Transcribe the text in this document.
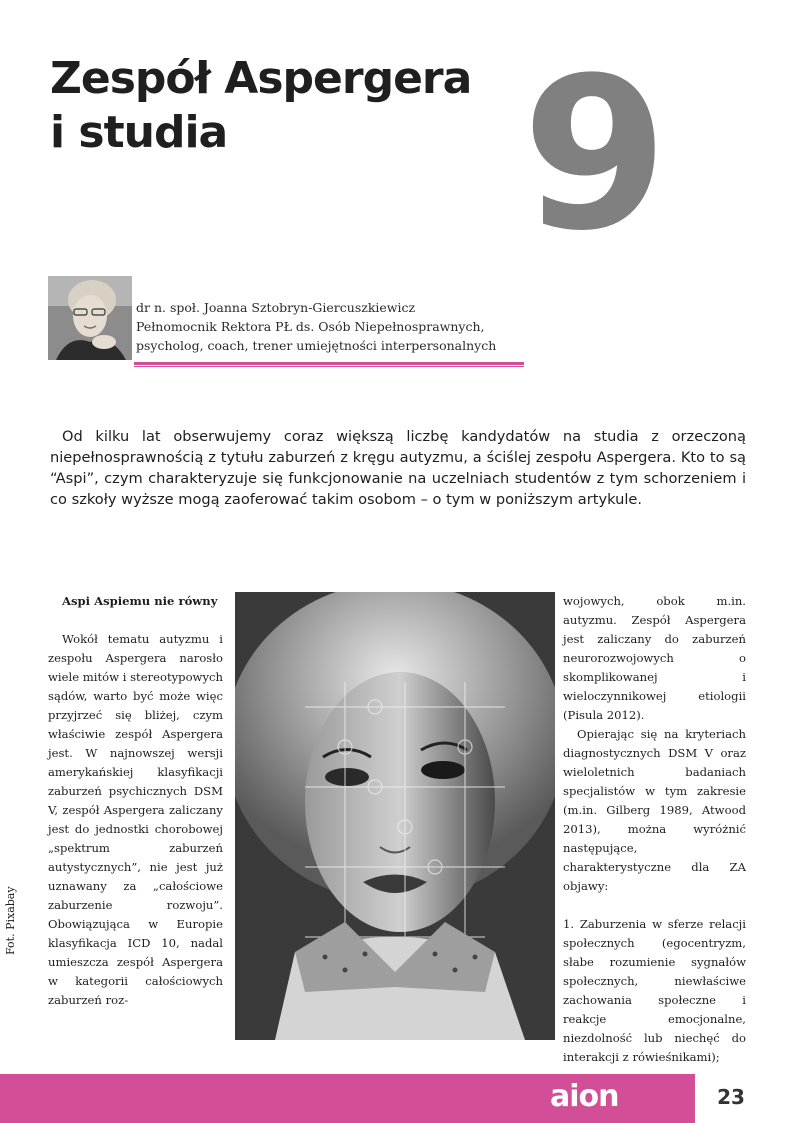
Zespół Aspergera
i studia	9
dr n. społ. Joanna Sztobryn-Giercuszkiewicz
Pełnomocnik Rektora PŁ ds. Osób Niepełnosprawnych,
psycholog, coach, trener umiejętności interpersonalnych

Od kilku lat obserwujemy coraz większą liczbę kandydatów na studia z orzeczoną niepełnosprawnością z tytułu zaburzeń z kręgu autyzmu, a ściślej zespołu Aspergera. Kto to są “Aspi”, czym charakteryzuje się funkcjonowanie na uczelniach studentów z tym schorzeniem i co szkoły wyższe mogą zaoferować takim osobom – o tym w poniższym artykule.

Aspi Aspiemu nie równy

Wokół tematu autyzmu i zespołu Aspergera narosło wiele mitów i stereotypowych sądów, warto być może więc przyjrzeć się bliżej, czym właściwie zespół Aspergera jest. W najnowszej wersji amerykańskiej klasyfikacji zaburzeń psychicznych DSM V, zespół Aspergera zaliczany jest do jednostki chorobowej „spektrum zaburzeń autystycznych”, nie jest już uznawany za „całościowe zaburzenie rozwoju”. Obowiązująca w Europie klasyfikacja ICD 10, nadal umieszcza zespół Aspergera w kategorii całościowych zaburzeń roz-

wojowych, obok m.in. autyzmu. Zespół Aspergera jest zaliczany do zaburzeń neurorozwojowych o skomplikowanej i wieloczynnikowej etiologii (Pisula 2012).

Opierając się na kryteriach diagnostycznych DSM V oraz wieloletnich badaniach specjalistów w tym zakresie (m.in. Gilberg 1989, Atwood 2013), można wyróżnić następujące, charakterystyczne dla ZA objawy:

1. Zaburzenia w sferze relacji społecznych (egocentryzm, słabe rozumienie sygnałów społecznych, niewłaściwe zachowania społeczne i reakcje emocjonalne, niezdolność lub niechęć do interakcji z rówieśnikami);

Fot. Pixabay
aion	23
